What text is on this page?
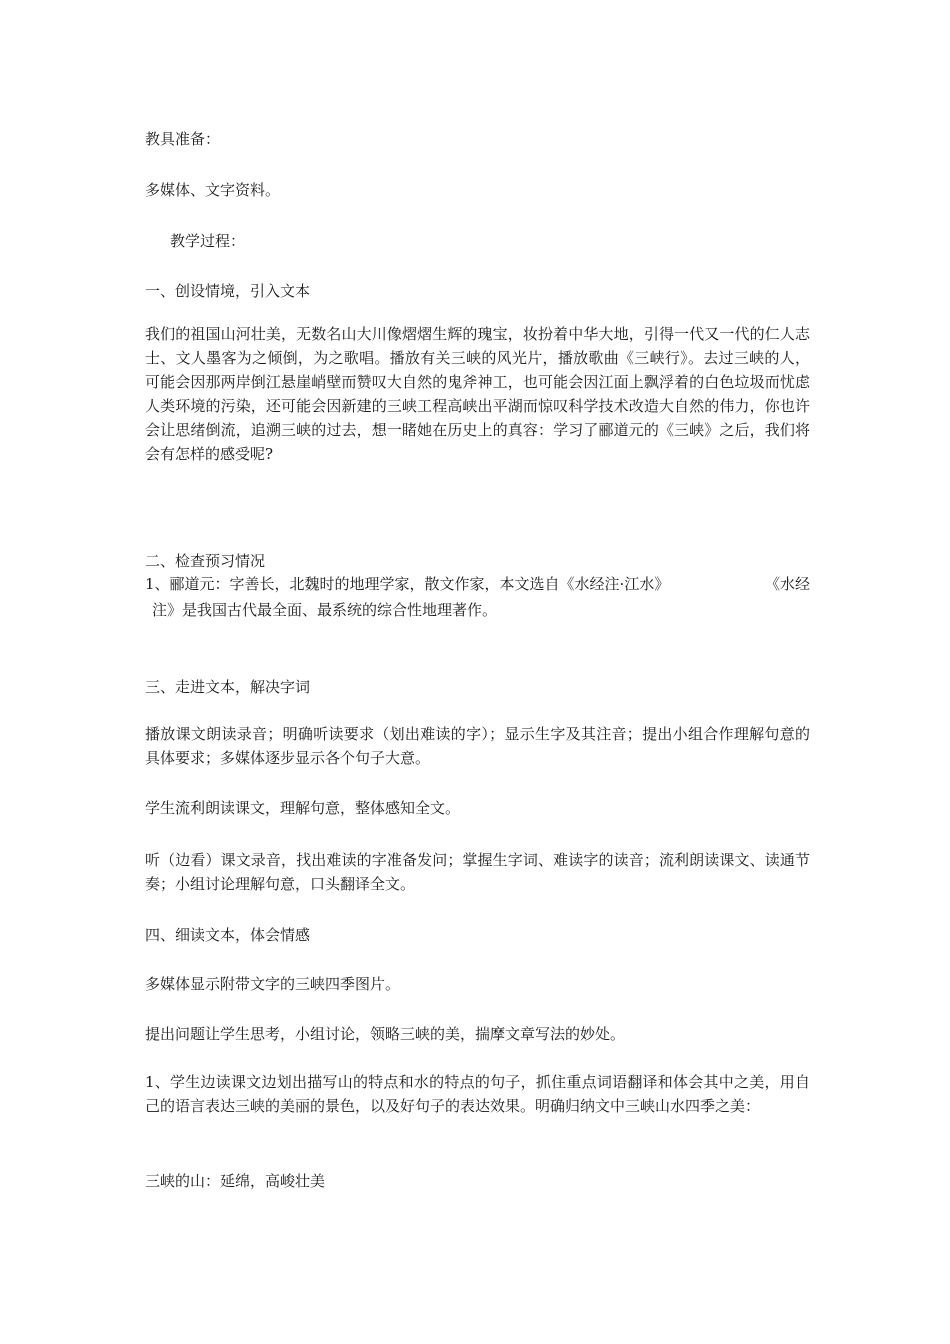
教具准备：
多媒体、文字资料。
教学过程：
一、创设情境，引入文本
我们的祖国山河壮美，无数名山大川像熠熠生辉的瑰宝，妆扮着中华大地，引得一代又一代的仁人志士、文人墨客为之倾倒，为之歌唱。播放有关三峡的风光片，播放歌曲《三峡行》。去过三峡的人，可能会因那两岸倒江悬崖峭壁而赞叹大自然的鬼斧神工，也可能会因江面上飘浮着的白色垃圾而忧虑人类环境的污染，还可能会因新建的三峡工程高峡出平湖而惊叹科学技术改造大自然的伟力，你也许会让思绪倒流，追溯三峡的过去，想一睹她在历史上的真容：学习了郦道元的《三峡》之后，我们将会有怎样的感受呢?
二、检查预习情况
1、郦道元：字善长，北魏时的地理学家，散文作家，本文选自《水经注·江水》	《水经
注》是我国古代最全面、最系统的综合性地理著作。
三、走进文本，解决字词
播放课文朗读录音；明确听读要求（划出难读的字）；显示生字及其注音；提出小组合作理解句意的具体要求；多媒体逐步显示各个句子大意。
学生流利朗读课文，理解句意，整体感知全文。
听（边看）课文录音，找出难读的字准备发问；掌握生字词、难读字的读音；流利朗读课文、读通节奏；小组讨论理解句意，口头翻译全文。
四、细读文本，体会情感
多媒体显示附带文字的三峡四季图片。
提出问题让学生思考，小组讨论，领略三峡的美，揣摩文章写法的妙处。
1、学生边读课文边划出描写山的特点和水的特点的句子，抓住重点词语翻译和体会其中之美，用自己的语言表达三峡的美丽的景色，以及好句子的表达效果。明确归纳文中三峡山水四季之美：
三峡的山：延绵，高峻壮美
